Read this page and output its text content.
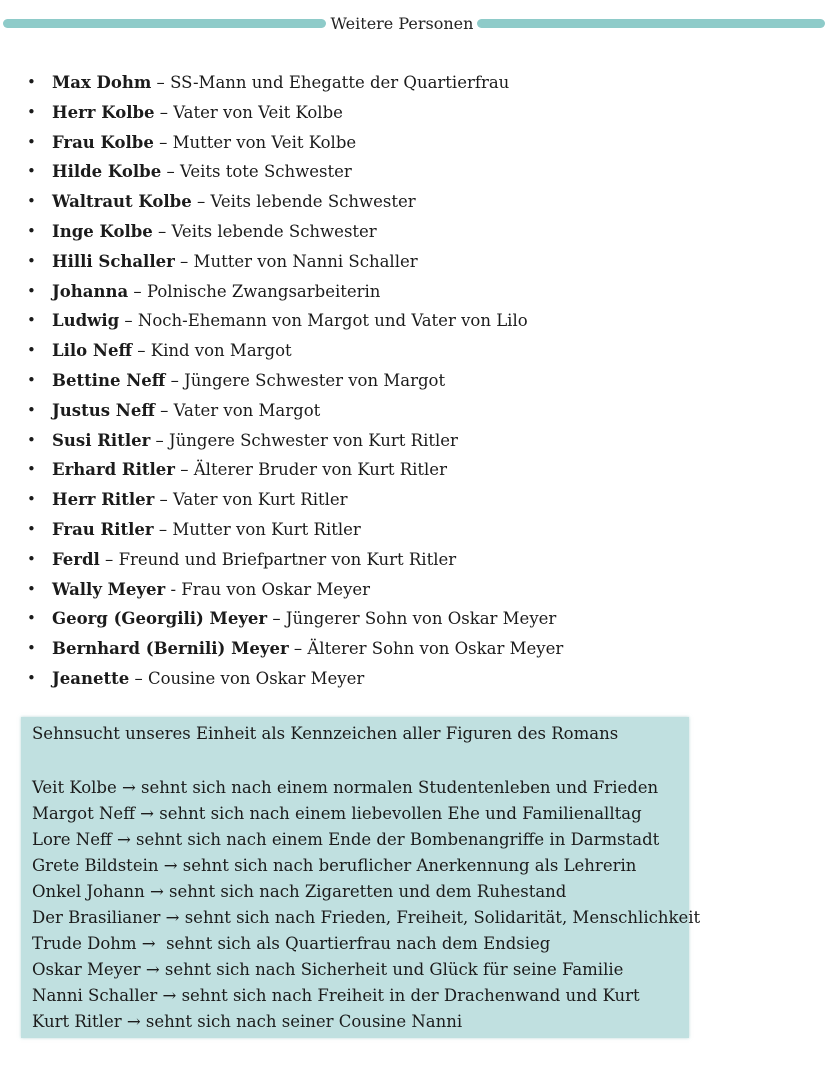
Weitere Personen
• Max Dohm – SS-Mann und Ehegatte der Quartierfrau
• Herr Kolbe – Vater von Veit Kolbe
• Frau Kolbe – Mutter von Veit Kolbe
• Hilde Kolbe – Veits tote Schwester
• Waltraut Kolbe – Veits lebende Schwester
• Inge Kolbe – Veits lebende Schwester
• Hilli Schaller – Mutter von Nanni Schaller
• Johanna – Polnische Zwangsarbeiterin
• Ludwig – Noch-Ehemann von Margot und Vater von Lilo
• Lilo Neff – Kind von Margot
• Bettine Neff – Jüngere Schwester von Margot
• Justus Neff – Vater von Margot
• Susi Ritler – Jüngere Schwester von Kurt Ritler
• Erhard Ritler – Älterer Bruder von Kurt Ritler
• Herr Ritler – Vater von Kurt Ritler
• Frau Ritler – Mutter von Kurt Ritler
• Ferdl – Freund und Briefpartner von Kurt Ritler
• Wally Meyer - Frau von Oskar Meyer
• Georg (Georgili) Meyer – Jüngerer Sohn von Oskar Meyer
• Bernhard (Bernili) Meyer – Älterer Sohn von Oskar Meyer
• Jeanette – Cousine von Oskar Meyer
Sehnsucht unseres Einheit als Kennzeichen aller Figuren des Romans
Veit Kolbe → sehnt sich nach einem normalen Studentenleben und Frieden
Margot Neff → sehnt sich nach einem liebevollen Ehe und Familienalltag
Lore Neff → sehnt sich nach einem Ende der Bombenangriffe in Darmstadt
Grete Bildstein → sehnt sich nach beruflicher Anerkennung als Lehrerin
Onkel Johann → sehnt sich nach Zigaretten und dem Ruhestand
Der Brasilianer → sehnt sich nach Frieden, Freiheit, Solidarität, Menschlichkeit
Trude Dohm →  sehnt sich als Quartierfrau nach dem Endsieg
Oskar Meyer → sehnt sich nach Sicherheit und Glück für seine Familie
Nanni Schaller → sehnt sich nach Freiheit in der Drachenwand und Kurt
Kurt Ritler → sehnt sich nach seiner Cousine Nanni
